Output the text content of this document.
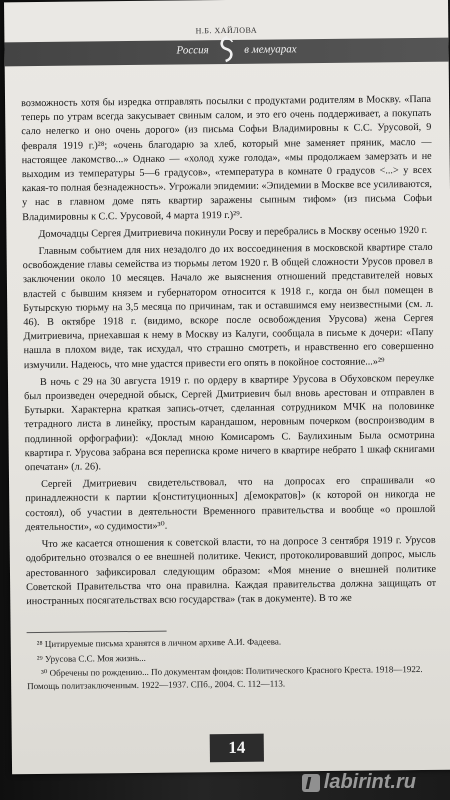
Н.Б. ХАЙЛОВА
Россия	в мемуарах

возможность хотя бы изредка отправлять посылки с продуктами родителям в Москву. «Папа теперь по утрам всегда закусывает свиным салом, и это его очень поддерживает, а покупать сало нелегко и оно очень дорого» (из письма Софьи Владимировны к С.С. Урусовой, 9 февраля 1919 г.)²⁸; «очень благодарю за хлеб, который мне заменяет пряник, масло — настоящее лакомство...» Однако — «холод хуже голода», «мы продолжаем замерзать и не выходим из температуры 5—6 градусов», «температура в комнате 0 градусов <...> у всех какая-то полная безнадежность». Угрожали эпидемии: «Эпидемии в Москве все усиливаются, у нас в главном доме пять квартир заражены сыпным тифом» (из письма Софьи Владимировны к С.С. Урусовой, 4 марта 1919 г.)²⁹.

Домочадцы Сергея Дмитриевича покинули Росву и перебрались в Москву осенью 1920 г.

Главным событием для них незадолго до их воссоединения в московской квартире стало освобождение главы семейства из тюрьмы летом 1920 г. В общей сложности Урусов провел в заключении около 10 месяцев. Начало же выяснения отношений представителей новых властей с бывшим князем и губернатором относится к 1918 г., когда он был помещен в Бутырскую тюрьму на 3,5 месяца по причинам, так и оставшимся ему неизвестными (см. л. 46). В октябре 1918 г. (видимо, вскоре после освобождения Урусова) жена Сергея Дмитриевича, приехавшая к нему в Москву из Калуги, сообщала в письме к дочери: «Папу нашла в плохом виде, так исхудал, что страшно смотреть, и нравственно его совершенно измучили. Надеюсь, что мне удастся привести его опять в покойное состояние...»²⁹

В ночь с 29 на 30 августа 1919 г. по ордеру в квартире Урусова в Обуховском переулке был произведен очередной обыск, Сергей Дмитриевич был вновь арестован и отправлен в Бутырки. Характерна краткая запись-отчет, сделанная сотрудником МЧК на половинке тетрадного листа в линейку, простым карандашом, неровным почерком (воспроизводим в подлинной орфографии): «Доклад мною Комисаромъ С. Баулихиным Была осмотрина квартира г. Урусова забрана вся переписка кроме ничего в квартире небрато 1 шкаф скнигами опечатан» (л. 26).

Сергей Дмитриевич свидетельствовал, что на допросах его спрашивали «о принадлежности к партии к[онституционных] д[емократов]» (к которой он никогда не состоял), об участии в деятельности Временного правительства и вообще «о прошлой деятельности», «о судимости»³⁰.

Что же касается отношения к советской власти, то на допросе 3 сентября 1919 г. Урусов одобрительно отозвался о ее внешней политике. Чекист, протоколировавший допрос, мысль арестованного зафиксировал следующим образом: «Моя мнение о внешней политике Советской Правительства что она правилна. Каждая правительства должна защищать от иностранных посягательствах всю государства» (так в документе). В то же

²⁸ Цитируемые письма хранятся в личном архиве А.И. Фадеева.
²⁹ Урусова С.С. Моя жизнь...
³⁰ Обречены по рождению... По документам фондов: Политического Красного Креста. 1918—1922. Помощь политзаключенным. 1922—1937. СПб., 2004. С. 112—113.
14
labirint.ru
